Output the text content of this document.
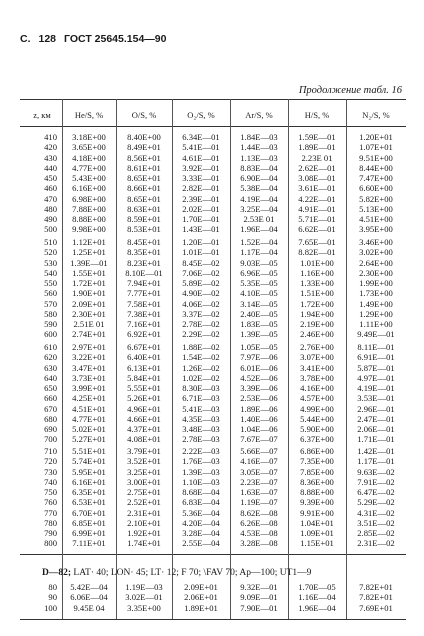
С. 128 ГОСТ 25645.154—90
Продолжение табл. 16
z, км	He/S, %	O/S, %	O₂/S, %	Ar/S, %	H/S, %	N₂/S, %
410	3.18E+00	8.40E+00	6.34E—01	1.84E—03	1.59E—01	1.20E+01
420	3.65E+00	8.49E+01	5.41E—01	1.44E—03	1.89E—01	1.07E+01
430	4.18E+00	8.56E+01	4.61E—01	1.13E—03	2.23E 01	9.51E+00
440	4.77E+00	8.61E+01	3.92E—01	8.83E—04	2.62E—01	8.44E+00
450	5.43E+00	8.65E+01	3.33E—01	6.90E—04	3.08E—01	7.47E+00
460	6.16E+00	8.66E+01	2.82E—01	5.38E—04	3.61E—01	6.60E+00
470	6.98E+00	8.65E+01	2.39E—01	4.19E—04	4.22E—01	5.82E+00
480	7.88E+00	8.63E+01	2.02E—01	3.25E—04	4.91E—01	5.13E+00
490	8.88E+00	8.59E+01	1.70E—01	2.53E 01	5.71E—01	4.51E+00
500	9.98E+00	8.53E+01	1.43E—01	1.96E—04	6.62E—01	3.95E+00
510	1.12E+01	8.45E+01	1.20E—01	1.52E—04	7.65E—01	3.46E+00
520	1.25E+01	8.35E+01	1.01E—01	1.17E—04	8.82E—01	3.02E+00
530	1.39E—01	8.23E+01	8.45E—02	9.03E—05	1.01E+00	2.64E+00
540	1.55E+01	8.10E—01	7.06E—02	6.96E—05	1.16E+00	2.30E+00
550	1.72E+01	7.94E+01	5.89E—02	5.35E—05	1.33E+00	1.99E+00
560	1.90E+01	7.77E+01	4.90E—02	4.10E—05	1.51E+00	1.73E+00
570	2.09E+01	7.58E+01	4.06E—02	3.14E—05	1.72E+00	1.49E+00
580	2.30E+01	7.38E+01	3.37E—02	2.40E—05	1.94E+00	1.29E+00
590	2.51E 01	7.16E+01	2.78E—02	1.83E—05	2.19E+00	1.11E+00
600	2.74E+01	6.92E+01	2.29E—02	1.39E—05	2.46E+00	9.49E—01
610	2.97E+01	6.67E+01	1.88E—02	1.05E—05	2.76E+00	8.11E—01
620	3.22E+01	6.40E+01	1.54E—02	7.97E—06	3.07E+00	6.91E—01
630	3.47E+01	6.13E+01	1.26E—02	6.01E—06	3.41E+00	5.87E—01
640	3.73E+01	5.84E+01	1.02E—02	4.52E—06	3.78E+00	4.97E—01
650	3.99E+01	5.55E+01	8.30E—03	3.39E—06	4.16E+00	4.19E—01
660	4.25E+01	5.26E+01	6.71E—03	2.53E—06	4.57E+00	3.53E—01
670	4.51E+01	4.96E+01	5.41E—03	1.89E—06	4.99E+00	2.96E—01
680	4.77E+01	4.66E+01	4.35E—03	1.40E—06	5.44E+00	2.47E—01
690	5.02E+01	4.37E+01	3.48E—03	1.04E—06	5.90E+00	2.06E—01
700	5.27E+01	4.08E+01	2.78E—03	7.67E—07	6.37E+00	1.71E—01
710	5.51E+01	3.79E+01	2.22E—03	5.66E—07	6.86E+00	1.42E—01
720	5.74E+01	3.52E+01	1.76E—03	4.16E—07	7.35E+00	1.17E—01
730	5.95E+01	3.25E+01	1.39E—03	3.05E—07	7.85E+00	9.63E—02
740	6.16E+01	3.00E+01	1.10E—03	2.23E—07	8.36E+00	7.91E—02
750	6.35E+01	2.75E+01	8.68E—04	1.63E—07	8.88E+00	6.47E—02
760	6.53E+01	2.52E+01	6.83E—04	1.19E—07	9.39E+00	5.29E—02
770	6.70E+01	2.31E+01	5.36E—04	8.62E—08	9.91E+00	4.31E—02
780	6.85E+01	2.10E+01	4.20E—04	6.26E—08	1.04E+01	3.51E—02
790	6.99E+01	1.92E+01	3.28E—04	4.53E—08	1.09E+01	2.85E—02
800	7.11E+01	1.74E+01	2.55E—04	3.28E—08	1.15E+01	2.31E—02
80	5.42E—04	1.19E—03	2.09E+01	9.32E—01	1.70E—05	7.82E+01
90	6.06E—04	3.02E—01	2.06E+01	9.09E—01	1.16E—04	7.82E+01
100	9.45E 04	3.35E+00	1.89E+01	7.90E—01	1.96E—04	7.69E+01
D—82; LAT· 40; LON· 45; LT· 12; F 70; \FAV 70; Ap—100; UT1—9
